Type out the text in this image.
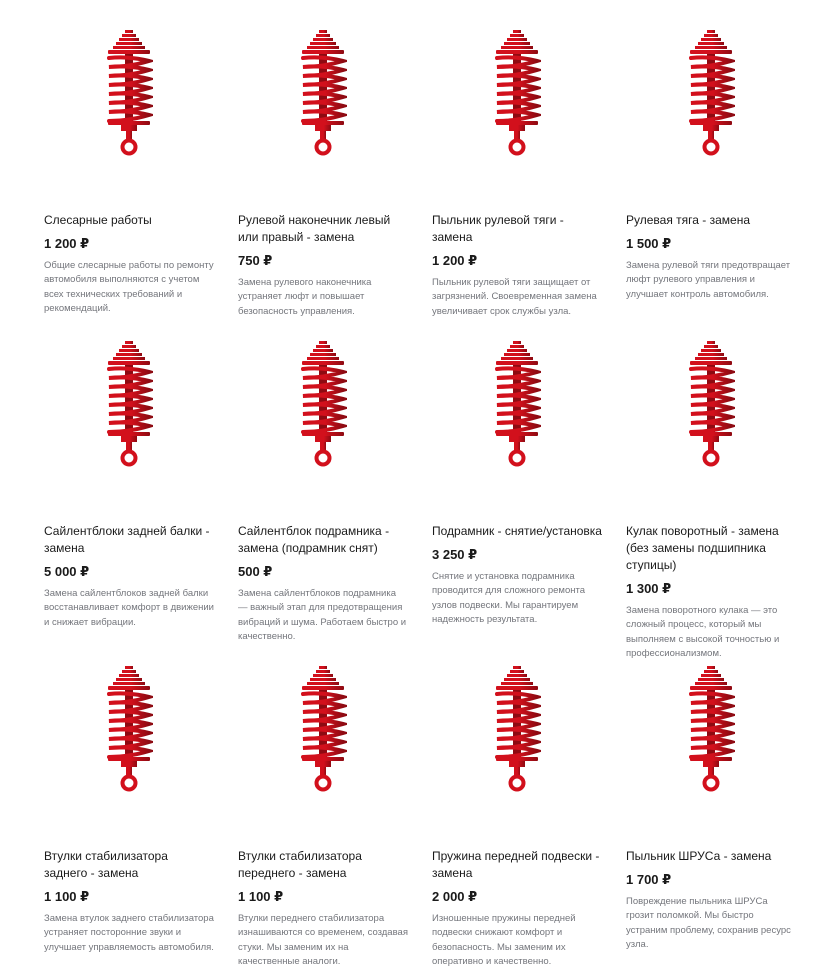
Слесарные работы
1 200 ₽
Общие слесарные работы по ремонту автомобиля выполняются с учетом всех технических требований и рекомендаций.
Рулевой наконечник левый или правый - замена
750 ₽
Замена рулевого наконечника устраняет люфт и повышает безопасность управления.
Пыльник рулевой тяги - замена
1 200 ₽
Пыльник рулевой тяги защищает от загрязнений. Своевременная замена увеличивает срок службы узла.
Рулевая тяга - замена
1 500 ₽
Замена рулевой тяги предотвращает люфт рулевого управления и улучшает контроль автомобиля.
Сайлентблоки задней балки - замена
5 000 ₽
Замена сайлентблоков задней балки восстанавливает комфорт в движении и снижает вибрации.
Сайлентблок подрамника - замена (подрамник снят)
500 ₽
Замена сайлентблоков подрамника — важный этап для предотвращения вибраций и шума. Работаем быстро и качественно.
Подрамник - снятие/установка
3 250 ₽
Снятие и установка подрамника проводится для сложного ремонта узлов подвески. Мы гарантируем надежность результата.
Кулак поворотный - замена (без замены подшипника ступицы)
1 300 ₽
Замена поворотного кулака — это сложный процесс, который мы выполняем с высокой точностью и профессионализмом.
Втулки стабилизатора заднего - замена
1 100 ₽
Замена втулок заднего стабилизатора устраняет посторонние звуки и улучшает управляемость автомобиля.
Втулки стабилизатора переднего - замена
1 100 ₽
Втулки переднего стабилизатора изнашиваются со временем, создавая стуки. Мы заменим их на качественные аналоги.
Пружина передней подвески - замена
2 000 ₽
Изношенные пружины передней подвески снижают комфорт и безопасность. Мы заменим их оперативно и качественно.
Пыльник ШРУСа - замена
1 700 ₽
Повреждение пыльника ШРУСа грозит поломкой. Мы быстро устраним проблему, сохранив ресурс узла.
